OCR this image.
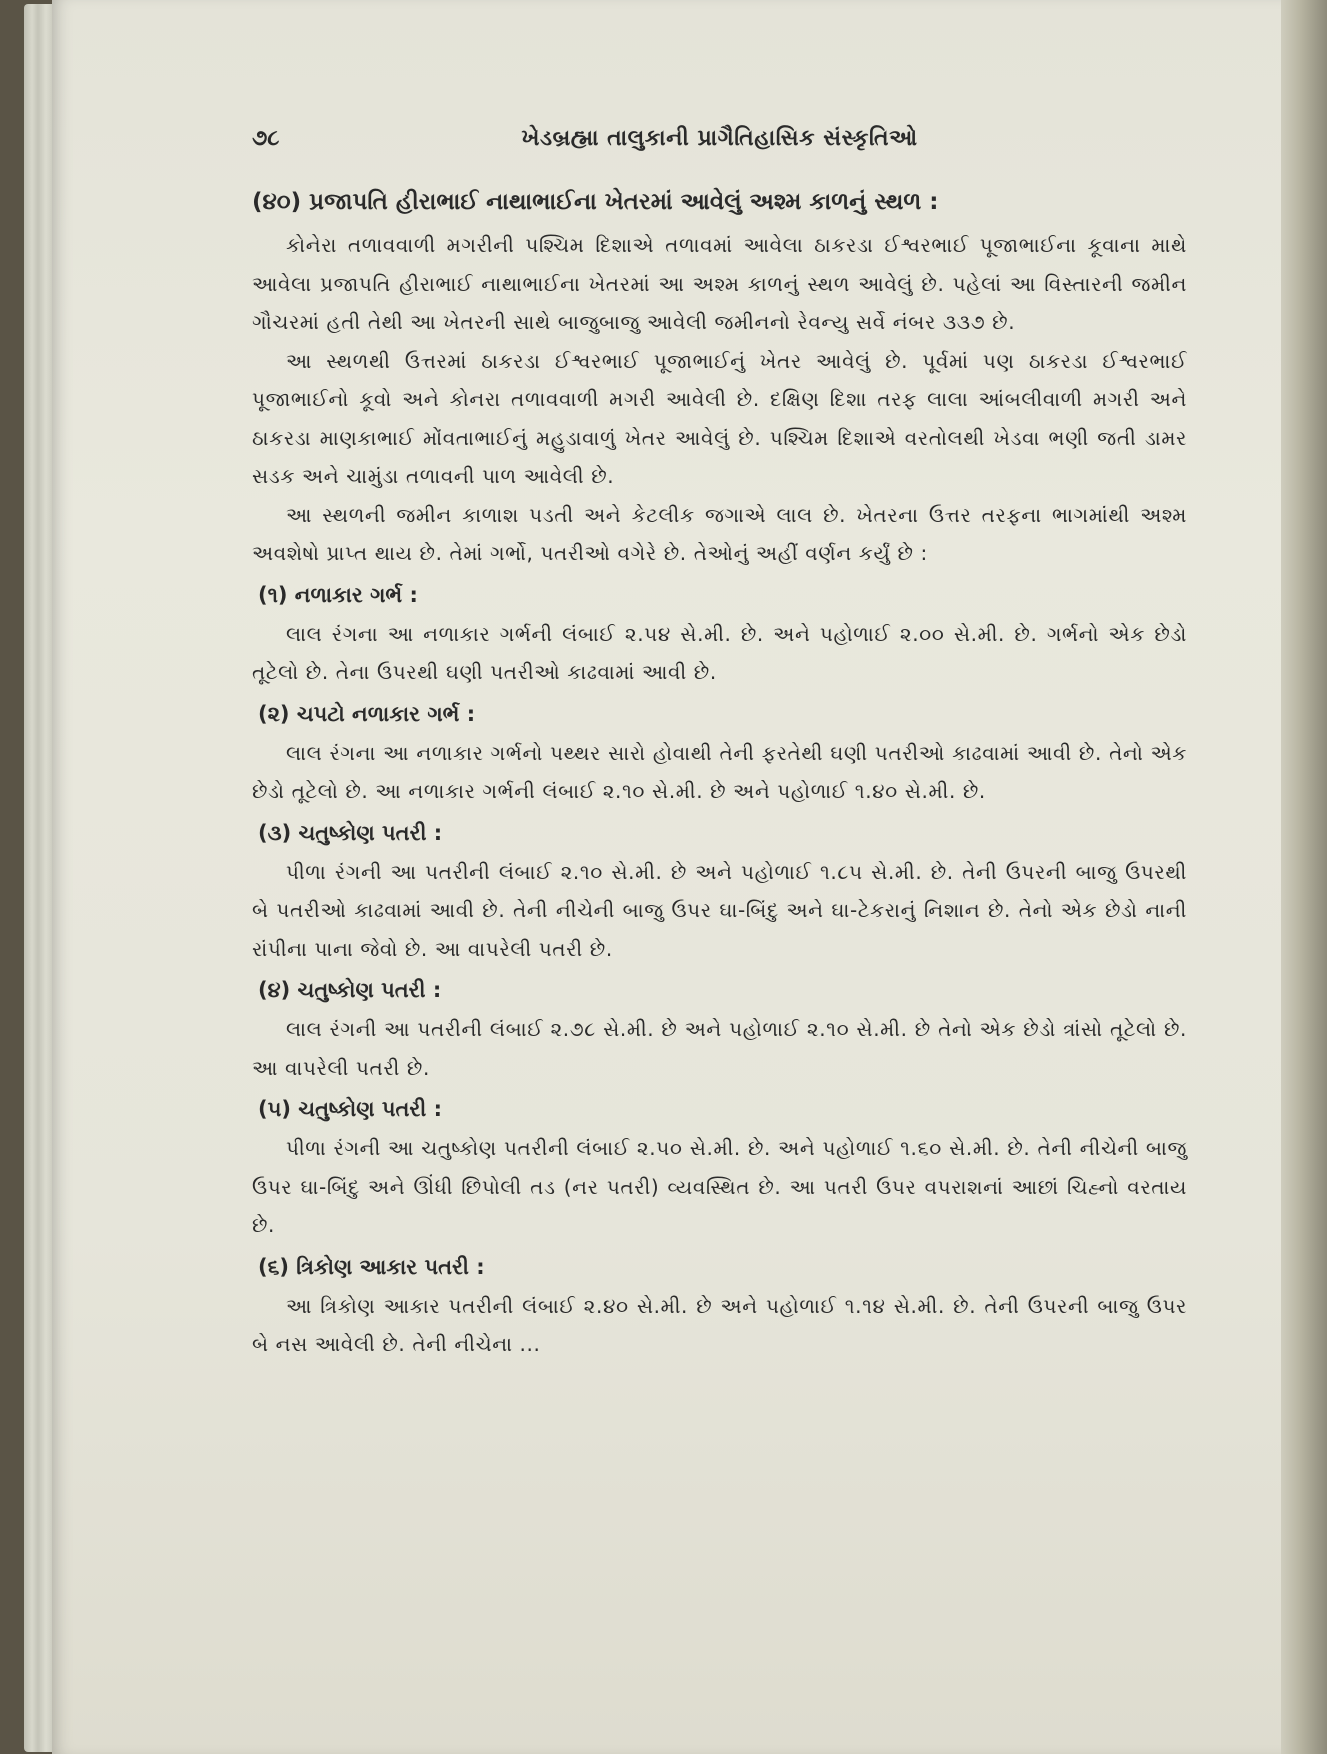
૭૮	ખેડબ્રહ્મા તાલુકાની પ્રાગૈતિહાસિક સંસ્કૃતિઓ
(૪૦) પ્રજાપતિ હીરાભાઈ નાથાભાઈના ખેતરમાં આવેલું અશ્મ કાળનું સ્થળ :

કોનેરા તળાવવાળી મગરીની પશ્ચિમ દિશાએ તળાવમાં આવેલા ઠાકરડા ઈશ્વરભાઈ પૂજાભાઈના કૂવાના માથે આવેલા પ્રજાપતિ હીરાભાઈ નાથાભાઈના ખેતરમાં આ અશ્મ કાળનું સ્થળ આવેલું છે. પહેલાં આ વિસ્તારની જમીન ગૌચરમાં હતી તેથી આ ખેતરની સાથે બાજુબાજુ આવેલી જમીનનો રેવન્યુ સર્વે નંબર ૩૩૭ છે.

આ સ્થળથી ઉત્તરમાં ઠાકરડા ઈશ્વરભાઈ પૂજાભાઈનું ખેતર આવેલું છે. પૂર્વમાં પણ ઠાકરડા ઈશ્વરભાઈ પૂજાભાઈનો કૂવો અને કોનરા તળાવવાળી મગરી આવેલી છે. દક્ષિણ દિશા તરફ લાલા આંબલીવાળી મગરી અને ઠાકરડા માણકાભાઈ મોંવતાભાઈનું મહુડાવાળું ખેતર આવેલું છે. પશ્ચિમ દિશાએ વરતોલથી ખેડવા ભણી જતી ડામર સડક અને ચામુંડા તળાવની પાળ આવેલી છે.

આ સ્થળની જમીન કાળાશ પડતી અને કેટલીક જગાએ લાલ છે. ખેતરના ઉત્તર તરફના ભાગમાંથી અશ્મ અવશેષો પ્રાપ્ત થાય છે. તેમાં ગર્ભો, પતરીઓ વગેરે છે. તેઓનું અહીં વર્ણન કર્યું છે :

(૧) નળાકાર ગર્ભ :

લાલ રંગના આ નળાકાર ગર્ભની લંબાઈ ૨.૫૪ સે.મી. છે. અને પહોળાઈ ૨.૦૦ સે.મી. છે. ગર્ભનો એક છેડો તૂટેલો છે. તેના ઉપરથી ઘણી પતરીઓ કાઢવામાં આવી છે.

(૨) ચપટો નળાકાર ગર્ભ :

લાલ રંગના આ નળાકાર ગર્ભનો પથ્થર સારો હોવાથી તેની ફરતેથી ઘણી પતરીઓ કાઢવામાં આવી છે. તેનો એક છેડો તૂટેલો છે. આ નળાકાર ગર્ભની લંબાઈ ૨.૧૦ સે.મી. છે અને પહોળાઈ ૧.૪૦ સે.મી. છે.

(૩) ચતુષ્કોણ પતરી :

પીળા રંગની આ પતરીની લંબાઈ ૨.૧૦ સે.મી. છે અને પહોળાઈ ૧.૮૫ સે.મી. છે. તેની ઉપરની બાજુ ઉપરથી બે પતરીઓ કાઢવામાં આવી છે. તેની નીચેની બાજુ ઉપર ઘા-બિંદુ અને ઘા-ટેકરાનું નિશાન છે. તેનો એક છેડો નાની રાંપીના પાના જેવો છે. આ વાપરેલી પતરી છે.

(૪) ચતુષ્કોણ પતરી :

લાલ રંગની આ પતરીની લંબાઈ ૨.૭૮ સે.મી. છે અને પહોળાઈ ૨.૧૦ સે.મી. છે તેનો એક છેડો ત્રાંસો તૂટેલો છે. આ વાપરેલી પતરી છે.

(૫) ચતુષ્કોણ પતરી :

પીળા રંગની આ ચતુષ્કોણ પતરીની લંબાઈ ૨.૫૦ સે.મી. છે. અને પહોળાઈ ૧.૬૦ સે.મી. છે. તેની નીચેની બાજુ ઉપર ઘા-બિંદુ અને ઊંધી છિપોલી તડ (નર પતરી) વ્યવસ્થિત છે. આ પતરી ઉપર વપરાશનાં આછાં ચિહ્નો વરતાય છે.

(૬) ત્રિકોણ આકાર પતરી :

આ ત્રિકોણ આકાર પતરીની લંબાઈ ૨.૪૦ સે.મી. છે અને પહોળાઈ ૧.૧૪ સે.મી. છે. તેની ઉપરની બાજુ ઉપર બે નસ આવેલી છે. તેની નીચેના ...
